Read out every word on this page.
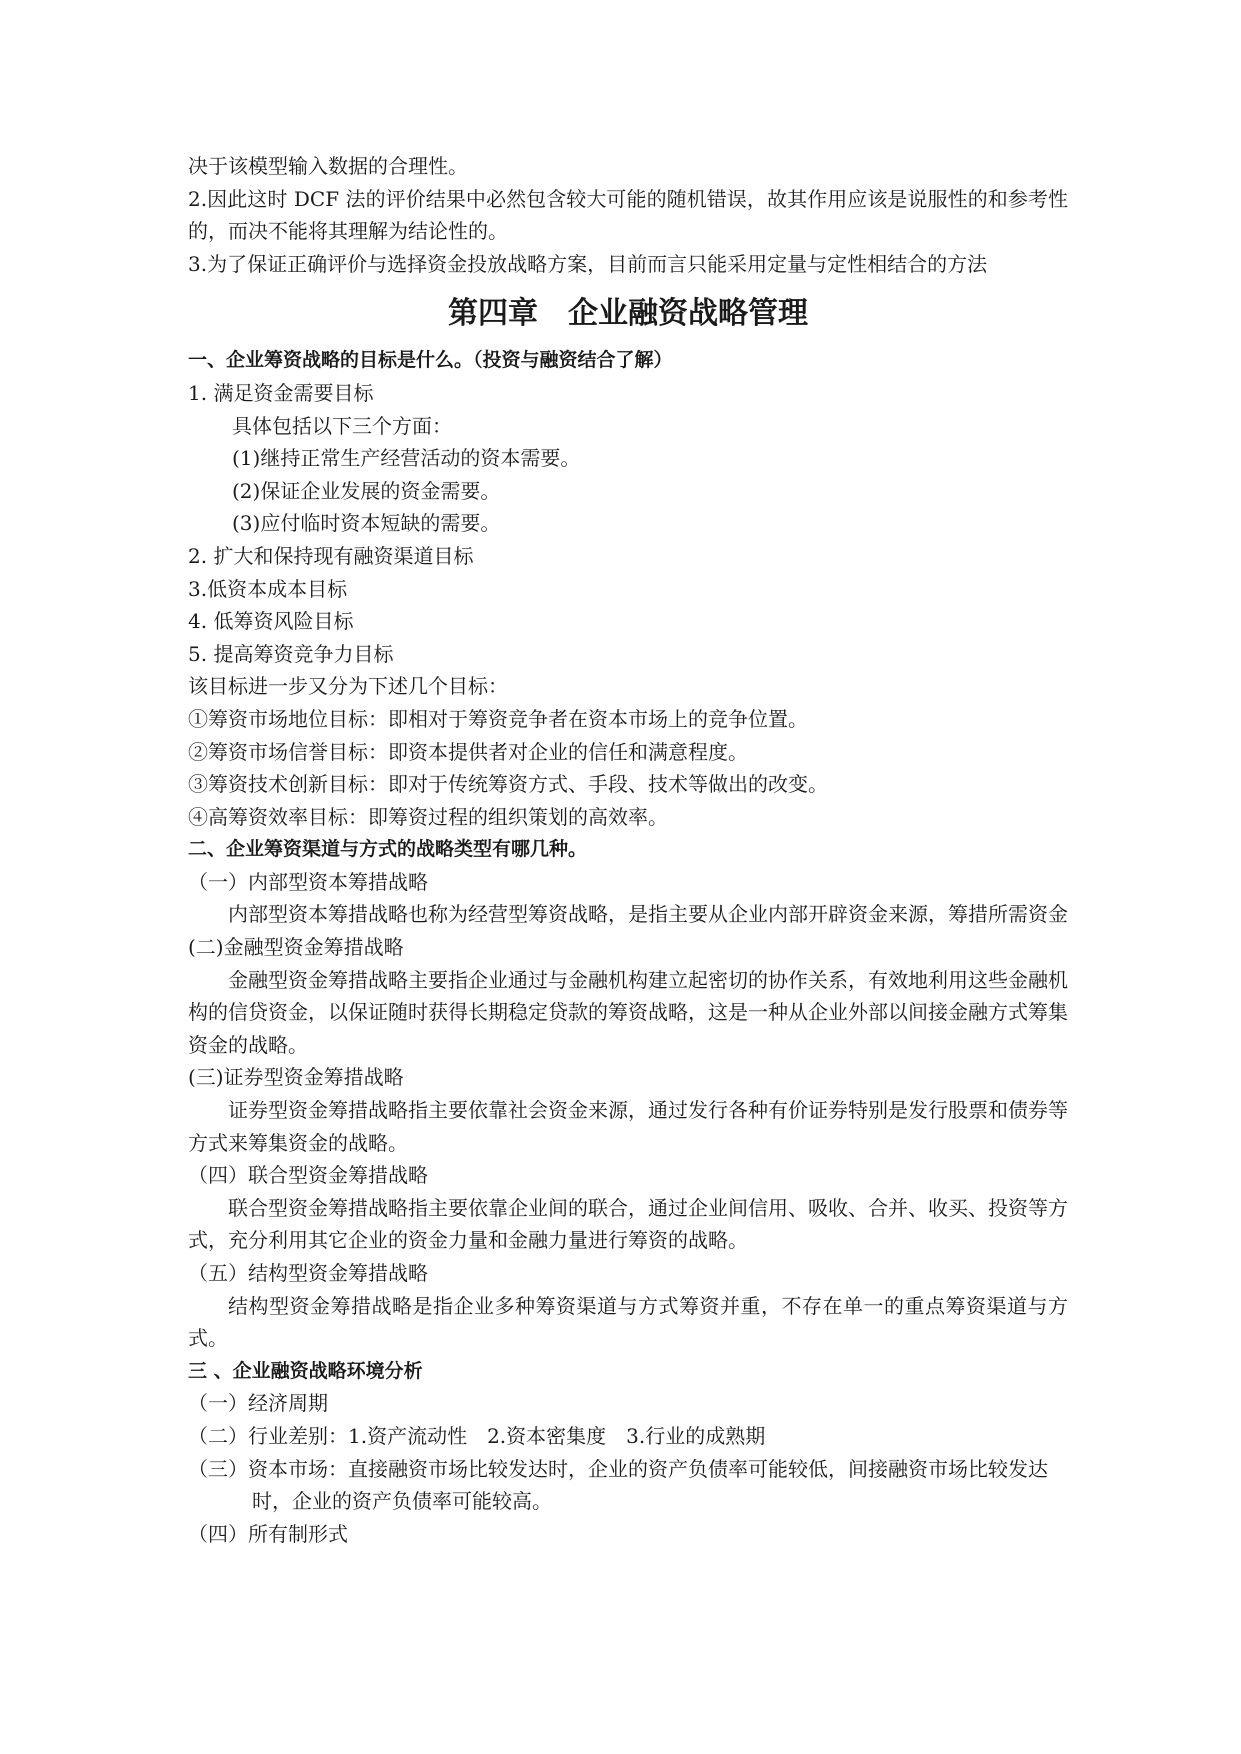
决于该模型输入数据的合理性。

2.因此这时 DCF 法的评价结果中必然包含较大可能的随机错误，故其作用应该是说服性的和参考性的，而决不能将其理解为结论性的。

3.为了保证正确评价与选择资金投放战略方案，目前而言只能采用定量与定性相结合的方法

第四章　企业融资战略管理
一、企业筹资战略的目标是什么。（投资与融资结合了解）

1. 满足资金需要目标

具体包括以下三个方面：

(1)继持正常生产经营活动的资本需要。

(2)保证企业发展的资金需要。

(3)应付临时资本短缺的需要。

2. 扩大和保持现有融资渠道目标

3.低资本成本目标

4. 低筹资风险目标

5. 提高筹资竞争力目标

该目标进一步又分为下述几个目标：

①筹资市场地位目标：即相对于筹资竞争者在资本市场上的竞争位置。

②筹资市场信誉目标：即资本提供者对企业的信任和满意程度。

③筹资技术创新目标：即对于传统筹资方式、手段、技术等做出的改变。

④高筹资效率目标：即筹资过程的组织策划的高效率。

二、企业筹资渠道与方式的战略类型有哪几种。

（一）内部型资本筹措战略

内部型资本筹措战略也称为经营型筹资战略，是指主要从企业内部开辟资金来源，筹措所需资金

(二)金融型资金筹措战略

金融型资金筹措战略主要指企业通过与金融机构建立起密切的协作关系，有效地利用这些金融机构的信贷资金，以保证随时获得长期稳定贷款的筹资战略，这是一种从企业外部以间接金融方式筹集资金的战略。

(三)证券型资金筹措战略

证券型资金筹措战略指主要依靠社会资金来源，通过发行各种有价证券特别是发行股票和债券等方式来筹集资金的战略。

（四）联合型资金筹措战略

联合型资金筹措战略指主要依靠企业间的联合，通过企业间信用、吸收、合并、收买、投资等方式，充分利用其它企业的资金力量和金融力量进行筹资的战略。

（五）结构型资金筹措战略

结构型资金筹措战略是指企业多种筹资渠道与方式筹资并重，不存在单一的重点筹资渠道与方式。

三 、企业融资战略环境分析

（一）经济周期

（二）行业差别：1.资产流动性　2.资本密集度　3.行业的成熟期

（三）资本市场：直接融资市场比较发达时，企业的资产负债率可能较低，间接融资市场比较发达时，企业的资产负债率可能较高。

（四）所有制形式
